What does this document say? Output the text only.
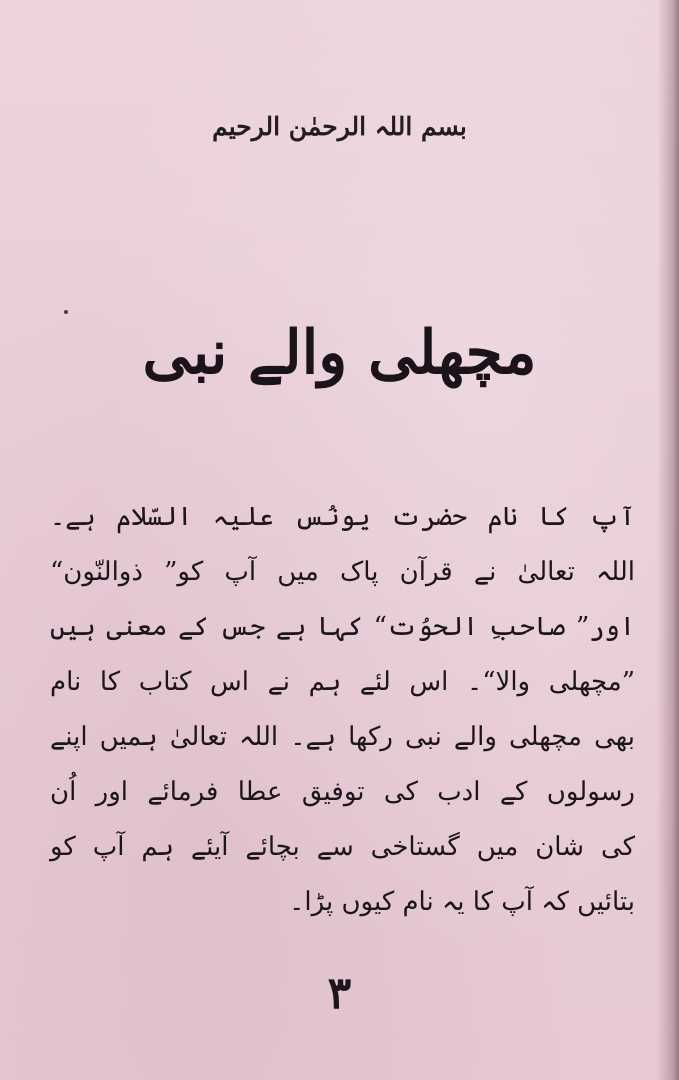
بسم اللہ الرحمٰن الرحیم
مچھلی والے نبی
آپ کا نام حضرت یونُس علیہ السّلام ہے۔
اللہ تعالیٰ نے قرآن پاک میں آپ کو” ذوالنّون“
اور” صاحبِ الحوُت“ کہا ہے جس کے معنی ہیں
”مچھلی والا“۔ اس لئے ہم نے اس کتاب کا نام
بھی مچھلی والے نبی رکھا ہے۔ اللہ تعالیٰ ہمیں اپنے
رسولوں کے ادب کی توفیق عطا فرمائے اور اُن
کی شان میں گستاخی سے بچائے آیئے ہم آپ کو
بتائیں کہ آپ کا یہ نام کیوں پڑا۔
۳
